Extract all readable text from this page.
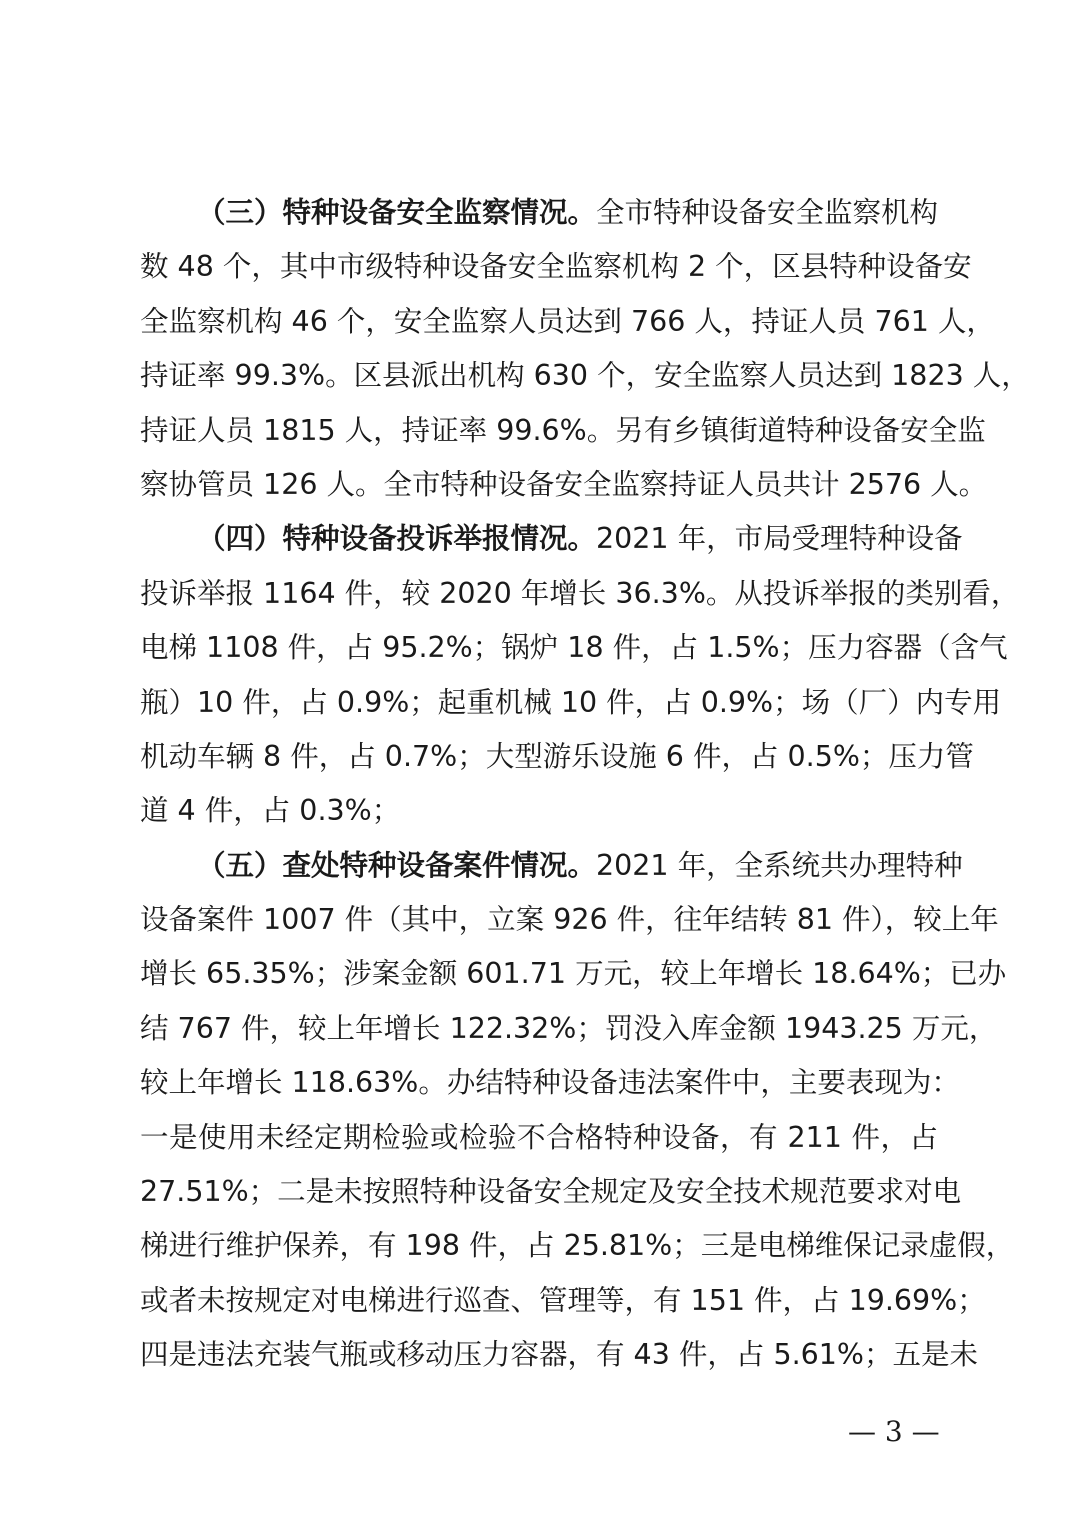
（三）特种设备安全监察情况。全市特种设备安全监察机构
数 48 个，其中市级特种设备安全监察机构 2 个，区县特种设备安
全监察机构 46 个，安全监察人员达到 766 人，持证人员 761 人，
持证率 99.3%。区县派出机构 630 个，安全监察人员达到 1823 人，
持证人员 1815 人，持证率 99.6%。另有乡镇街道特种设备安全监
察协管员 126 人。全市特种设备安全监察持证人员共计 2576 人。
（四）特种设备投诉举报情况。2021 年，市局受理特种设备
投诉举报 1164 件，较 2020 年增长 36.3%。从投诉举报的类别看，
电梯 1108 件，占 95.2%；锅炉 18 件，占 1.5%；压力容器（含气
瓶）10 件，占 0.9%；起重机械 10 件，占 0.9%；场（厂）内专用
机动车辆 8 件，占 0.7%；大型游乐设施 6 件，占 0.5%；压力管
道 4 件，占 0.3%；
（五）查处特种设备案件情况。2021 年，全系统共办理特种
设备案件 1007 件（其中，立案 926 件，往年结转 81 件），较上年
增长 65.35%；涉案金额 601.71 万元，较上年增长 18.64%；已办
结 767 件，较上年增长 122.32%；罚没入库金额 1943.25 万元，
较上年增长 118.63%。办结特种设备违法案件中，主要表现为：
一是使用未经定期检验或检验不合格特种设备，有 211 件，占
27.51%；二是未按照特种设备安全规定及安全技术规范要求对电
梯进行维护保养，有 198 件，占 25.81%；三是电梯维保记录虚假，
或者未按规定对电梯进行巡查、管理等，有 151 件，占 19.69%；
四是违法充装气瓶或移动压力容器，有 43 件，占 5.61%；五是未
— 3 —
